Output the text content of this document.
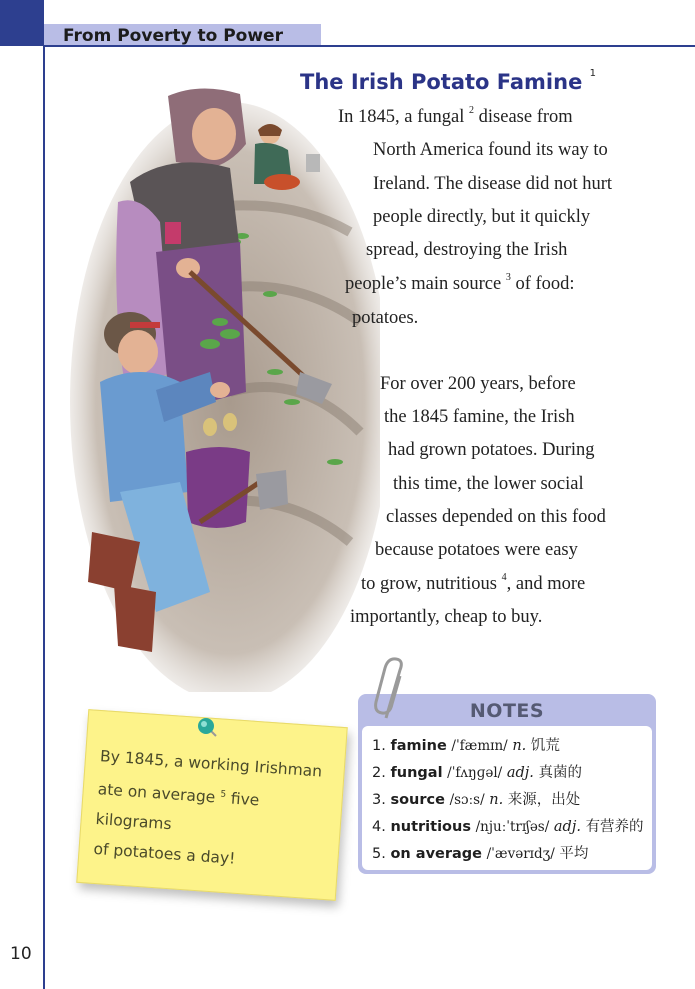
From Poverty to Power
The Irish Potato Famine $^1$
In 1845, a fungal $^2$ disease from
North America found its way to
Ireland. The disease did not hurt
people directly, but it quickly
spread, destroying the Irish
people’s main source $^3$ of food:
potatoes.
For over 200 years, before
the 1845 famine, the Irish
had grown potatoes. During
this time, the lower social
classes depended on this food
because potatoes were easy
to grow, nutritious $^4$, and more
importantly, cheap to buy.
By 1845, a working Irishman
ate on average $^5$ five kilograms
of potatoes a day!
NOTES
1. famine /ˈfæmɪn/ n. 饥荒
2. fungal /ˈfʌŋɡəl/ adj. 真菌的
3. source /sɔːs/ n. 来源，出处
4. nutritious /njuːˈtrɪʃəs/ adj. 有营养的
5. on average /ˈævərɪdʒ/ 平均
10
